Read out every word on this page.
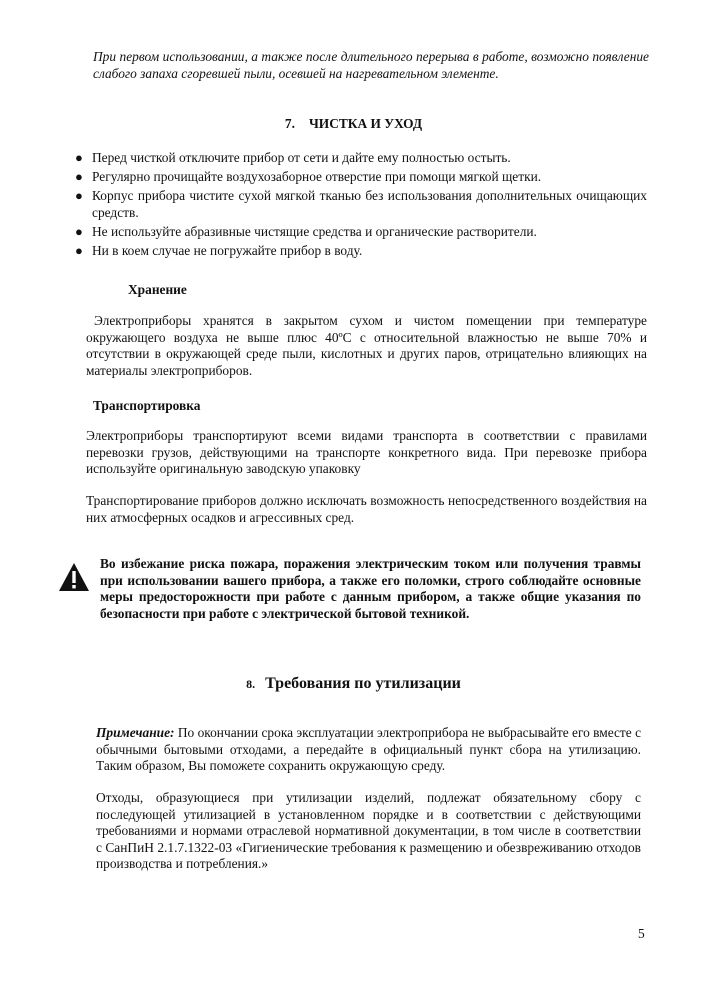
При первом использовании, а также после длительного перерыва в работе, возможно появление слабого запаха сгоревшей пыли, осевшей на нагревательном элементе.

7. ЧИСТКА И УХОД
● Перед чисткой отключите прибор от сети и дайте ему полностью остыть.
● Регулярно прочищайте воздухозаборное отверстие при помощи мягкой щетки.
● Корпус прибора чистите сухой мягкой тканью без использования дополнительных очищающих средств.
● Не используйте абразивные чистящие средства и органические растворители.
● Ни в коем случае не погружайте прибор в воду.
Хранение

Электроприборы хранятся в закрытом сухом и чистом помещении при температуре окружающего воздуха не выше плюс 40ºС с относительной влажностью не выше 70% и отсутствии в окружающей среде пыли, кислотных и других паров, отрицательно влияющих на материалы электроприборов.

Транспортировка

Электроприборы транспортируют всеми видами транспорта в соответствии с правилами перевозки грузов, действующими на транспорте конкретного вида. При перевозке прибора используйте оригинальную заводскую упаковку

Транспортирование приборов должно исключать возможность непосредственного воздействия на них атмосферных осадков и агрессивных сред.

Во избежание риска пожара, поражения электрическим током или получения травмы при использовании вашего прибора, а также его поломки, строго соблюдайте основные меры предосторожности при работе с данным прибором, а также общие указания по безопасности при работе с электрической бытовой техникой.

8. Требования по утилизации

Примечание: По окончании срока эксплуатации электроприбора не выбрасывайте его вместе с обычными бытовыми отходами, а передайте в официальный пункт сбора на утилизацию. Таким образом, Вы поможете сохранить окружающую среду.

Отходы, образующиеся при утилизации изделий, подлежат обязательному сбору с последующей утилизацией в установленном порядке и в соответствии с действующими требованиями и нормами отраслевой нормативной документации, в том числе в соответствии с СанПиН 2.1.7.1322-03 «Гигиенические требования к размещению и обезвреживанию отходов производства и потребления.»

5
